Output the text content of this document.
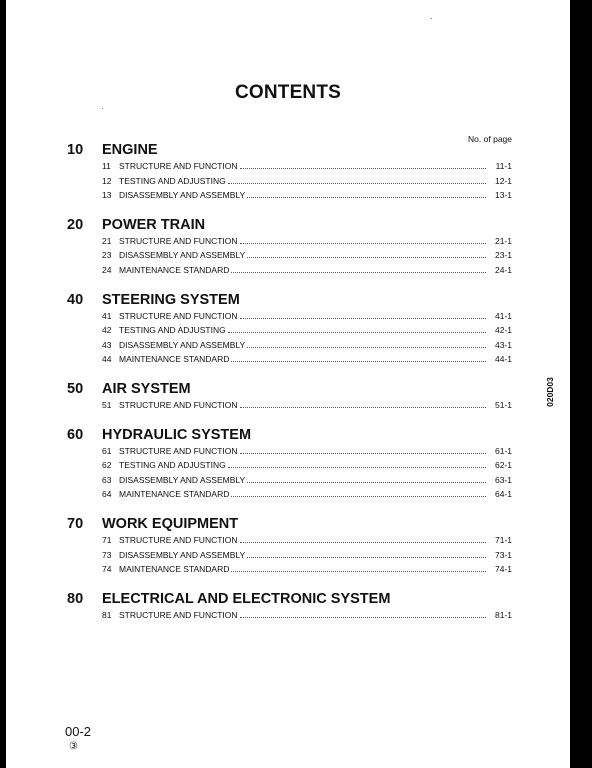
CONTENTS
No. of page
10 ENGINE
11 STRUCTURE AND FUNCTION	11-1
12 TESTING AND ADJUSTING	12-1
13 DISASSEMBLY AND ASSEMBLY	13-1
20 POWER TRAIN
21 STRUCTURE AND FUNCTION	21-1
23 DISASSEMBLY AND ASSEMBLY	23-1
24 MAINTENANCE STANDARD	24-1
40 STEERING SYSTEM
41 STRUCTURE AND FUNCTION	41-1
42 TESTING AND ADJUSTING	42-1
43 DISASSEMBLY AND ASSEMBLY	43-1
44 MAINTENANCE STANDARD	44-1
50 AIR SYSTEM
51 STRUCTURE AND FUNCTION	51-1
60 HYDRAULIC SYSTEM
61 STRUCTURE AND FUNCTION	61-1
62 TESTING AND ADJUSTING	62-1
63 DISASSEMBLY AND ASSEMBLY	63-1
64 MAINTENANCE STANDARD	64-1
70 WORK EQUIPMENT
71 STRUCTURE AND FUNCTION	71-1
73 DISASSEMBLY AND ASSEMBLY	73-1
74 MAINTENANCE STANDARD	74-1
80 ELECTRICAL AND ELECTRONIC SYSTEM
81 STRUCTURE AND FUNCTION	81-1
020D03
00-2
③
